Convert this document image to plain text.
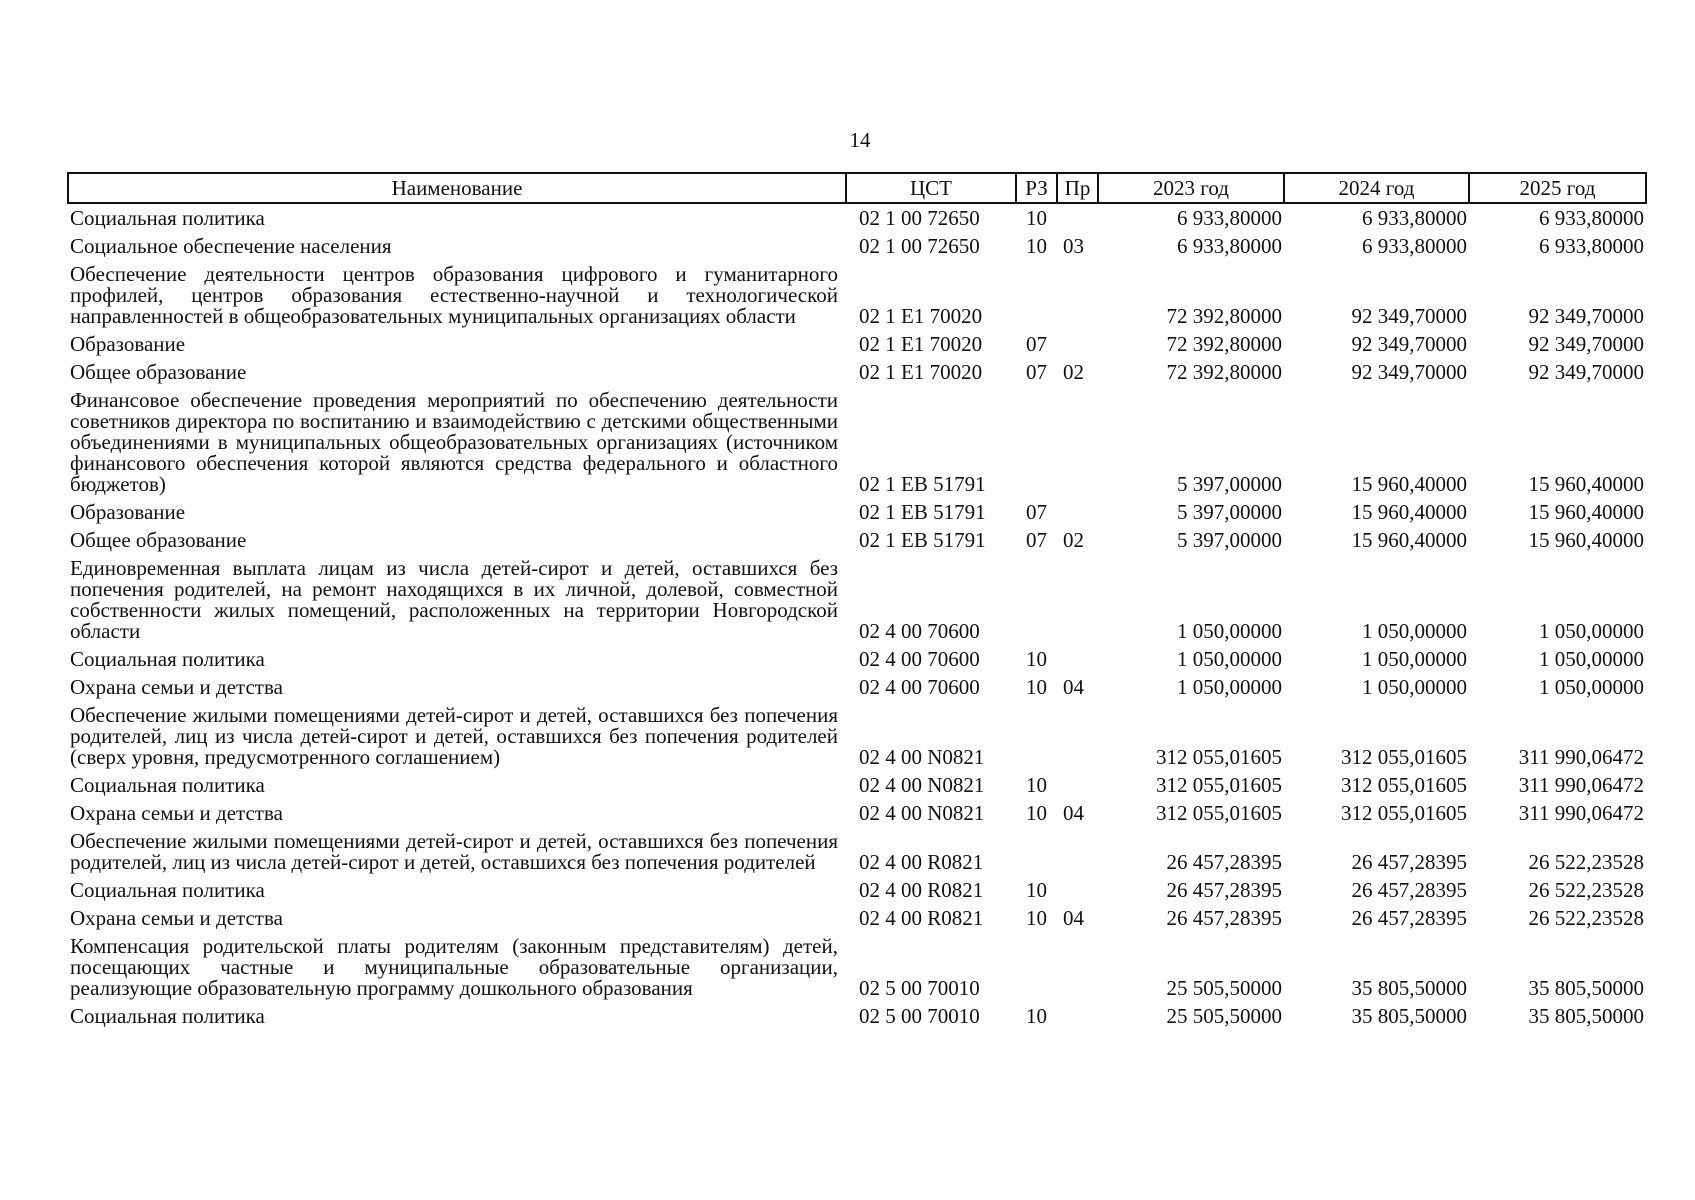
14
Наименование	ЦСТ	РЗ	Пр	2023 год	2024 год	2025 год
Социальная политика	02 1 00 72650	10		6 933,80000	6 933,80000	6 933,80000
Социальное обеспечение населения	02 1 00 72650	10	03	6 933,80000	6 933,80000	6 933,80000
Обеспечение деятельности центров образования цифрового и гуманитарного профилей, центров образования естественно-научной и технологической направленностей в общеобразовательных муниципальных организациях области	02 1 E1 70020			72 392,80000	92 349,70000	92 349,70000
Образование	02 1 E1 70020	07		72 392,80000	92 349,70000	92 349,70000
Общее образование	02 1 E1 70020	07	02	72 392,80000	92 349,70000	92 349,70000
Финансовое обеспечение проведения мероприятий по обеспечению деятельности советников директора по воспитанию и взаимодействию с детскими общественными объединениями в муниципальных общеобразовательных организациях (источником финансового обеспечения которой являются средства федерального и областного бюджетов)	02 1 EB 51791			5 397,00000	15 960,40000	15 960,40000
Образование	02 1 EB 51791	07		5 397,00000	15 960,40000	15 960,40000
Общее образование	02 1 EB 51791	07	02	5 397,00000	15 960,40000	15 960,40000
Единовременная выплата лицам из числа детей-сирот и детей, оставшихся без попечения родителей, на ремонт находящихся в их личной, долевой, совместной собственности жилых помещений, расположенных на территории Новгородской области	02 4 00 70600			1 050,00000	1 050,00000	1 050,00000
Социальная политика	02 4 00 70600	10		1 050,00000	1 050,00000	1 050,00000
Охрана семьи и детства	02 4 00 70600	10	04	1 050,00000	1 050,00000	1 050,00000
Обеспечение жилыми помещениями детей-сирот и детей, оставшихся без попечения родителей, лиц из числа детей-сирот и детей, оставшихся без попечения родителей (сверх уровня, предусмотренного соглашением)	02 4 00 N0821			312 055,01605	312 055,01605	311 990,06472
Социальная политика	02 4 00 N0821	10		312 055,01605	312 055,01605	311 990,06472
Охрана семьи и детства	02 4 00 N0821	10	04	312 055,01605	312 055,01605	311 990,06472
Обеспечение жилыми помещениями детей-сирот и детей, оставшихся без попечения родителей, лиц из числа детей-сирот и детей, оставшихся без попечения родителей	02 4 00 R0821			26 457,28395	26 457,28395	26 522,23528
Социальная политика	02 4 00 R0821	10		26 457,28395	26 457,28395	26 522,23528
Охрана семьи и детства	02 4 00 R0821	10	04	26 457,28395	26 457,28395	26 522,23528
Компенсация родительской платы родителям (законным представителям) детей, посещающих частные и муниципальные образовательные организации, реализующие образовательную программу дошкольного образования	02 5 00 70010			25 505,50000	35 805,50000	35 805,50000
Социальная политика	02 5 00 70010	10		25 505,50000	35 805,50000	35 805,50000
